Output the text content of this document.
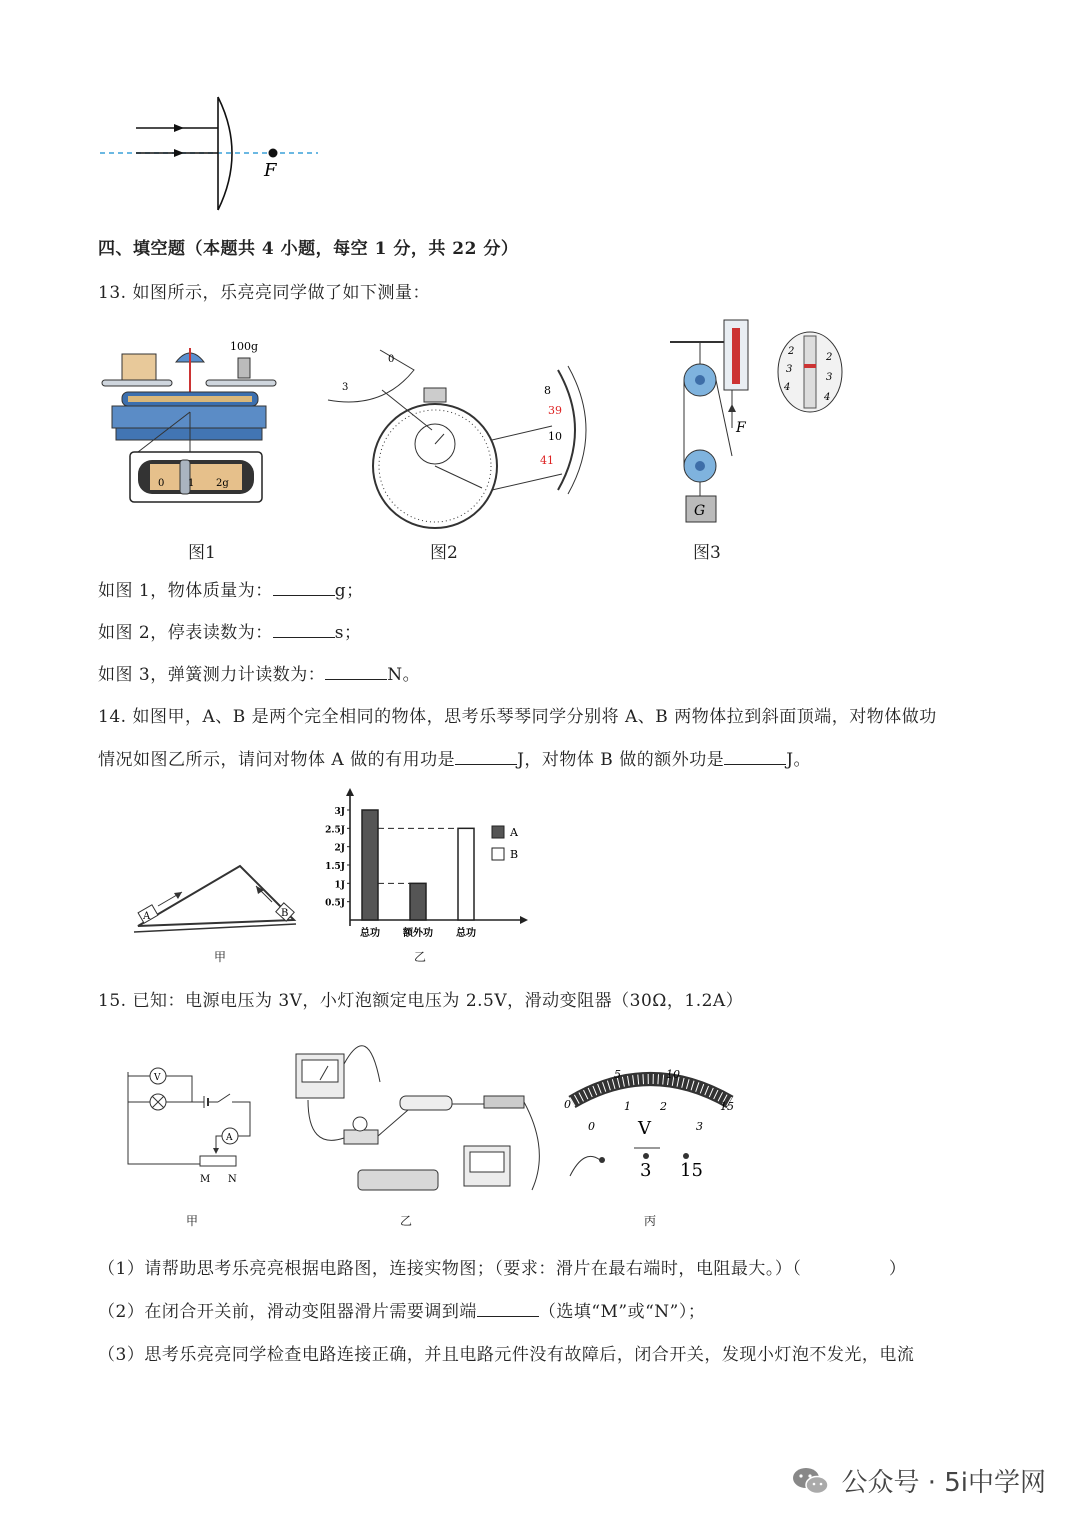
F
四、填空题（本题共 4 小题，每空 1 分，共 22 分）
13. 如图所示，乐亮亮同学做了如下测量：
100g
0 1 2g
图1
3
0
8
39
10
41
图2
G
F
2
3
4
2
3
4
图3
如图 1，物体质量为：	g；
如图 2，停表读数为：	s；
如图 3，弹簧测力计读数为：	N。
14. 如图甲，A、B 是两个完全相同的物体，思考乐琴琴同学分别将 A、B 两物体拉到斜面顶端，对物体做功
情况如图乙所示，请问对物体 A 做的有用功是	J，对物体 B 做的额外功是	J。
A	B
甲
3J
2.5J
2J
1.5J
1J
0.5J
总功 额外功 总功
A
B
乙
15. 已知：电源电压为 3V，小灯泡额定电压为 2.5V，滑动变阻器（30Ω，1.2A）
V
A
M N
甲	乙
0
5	10
15
0
1	2
3
V
3 15
丙
（1）请帮助思考乐亮亮根据电路图，连接实物图；（要求：滑片在最右端时，电阻最大。）（　　　　　）
（2）在闭合开关前，滑动变阻器滑片需要调到端	（选填“M”或“N”）；
（3）思考乐亮亮同学检查电路连接正确，并且电路元件没有故障后，闭合开关，发现小灯泡不发光，电流
公众号 · 5i中学网
